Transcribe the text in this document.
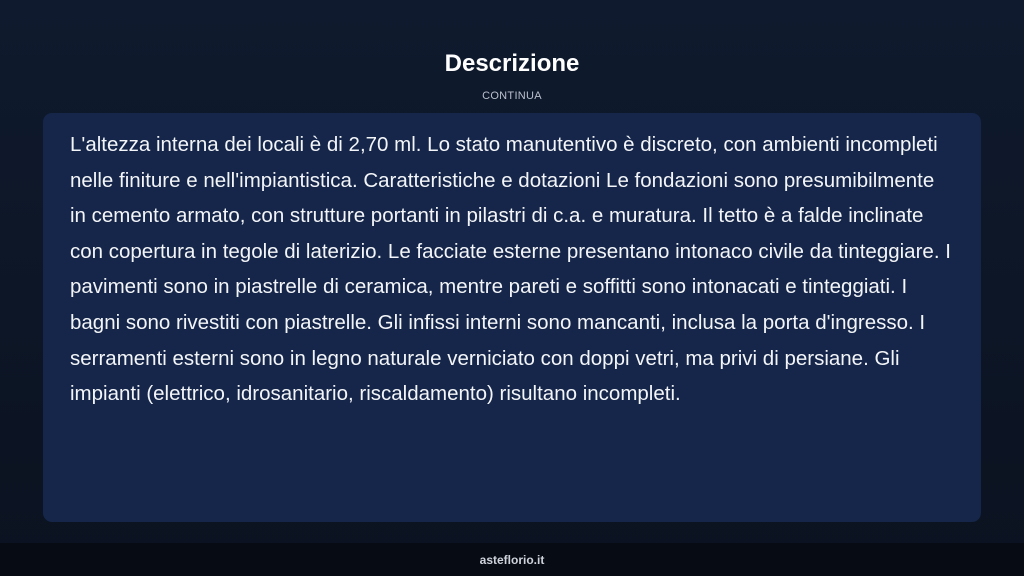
Descrizione
CONTINUA

L'altezza interna dei locali è di 2,70 ml. Lo stato manutentivo è discreto, con ambienti incompleti nelle finiture e nell'impiantistica. Caratteristiche e dotazioni Le fondazioni sono presumibilmente in cemento armato, con strutture portanti in pilastri di c.a. e muratura. Il tetto è a falde inclinate con copertura in tegole di laterizio. Le facciate esterne presentano intonaco civile da tinteggiare. I pavimenti sono in piastrelle di ceramica, mentre pareti e soffitti sono intonacati e tinteggiati. I bagni sono rivestiti con piastrelle. Gli infissi interni sono mancanti, inclusa la porta d'ingresso. I serramenti esterni sono in legno naturale verniciato con doppi vetri, ma privi di persiane. Gli impianti (elettrico, idrosanitario, riscaldamento) risultano incompleti.

asteflorio.it
